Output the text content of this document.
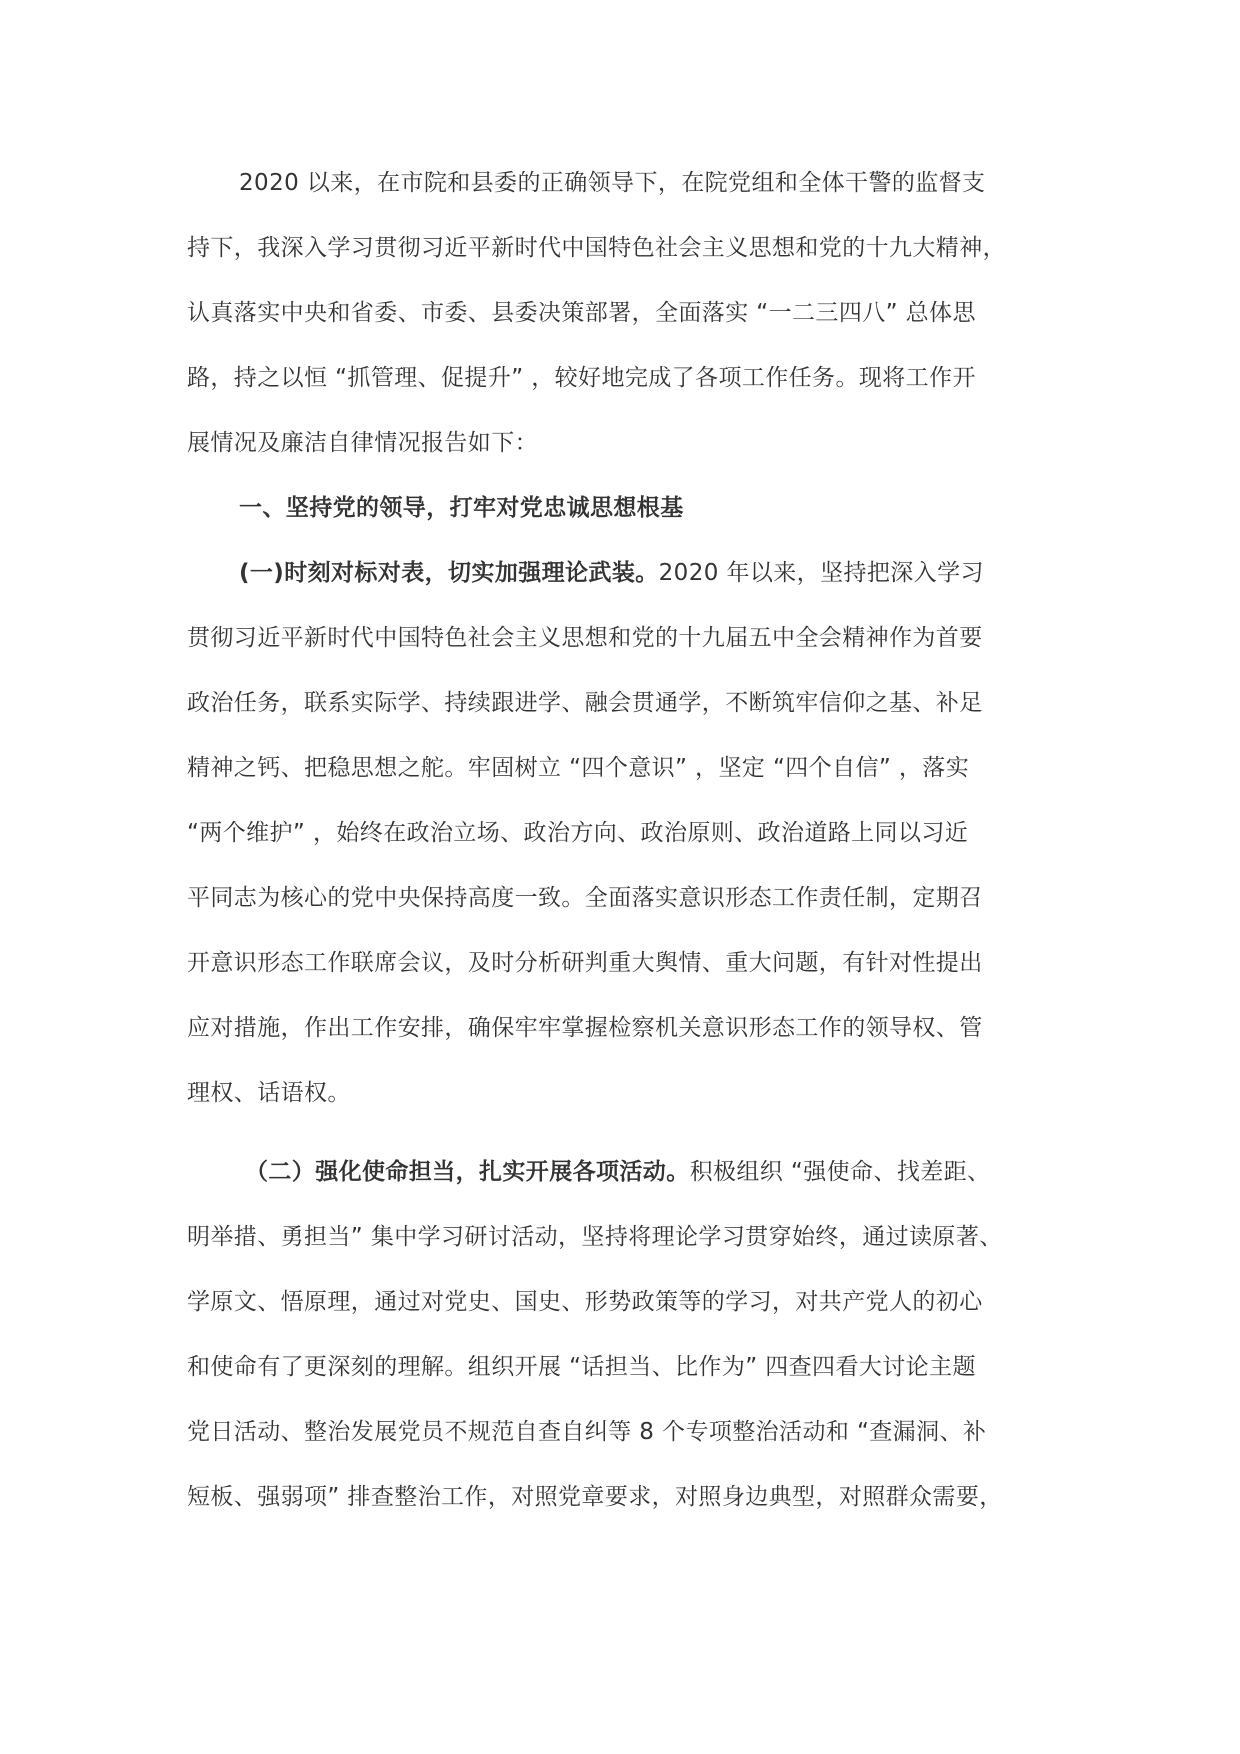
2020 以来，在市院和县委的正确领导下，在院党组和全体干警的监督支
持下，我深入学习贯彻习近平新时代中国特色社会主义思想和党的十九大精神，
认真落实中央和省委、市委、县委决策部署，全面落实 “一二三四八” 总体思
路，持之以恒 “抓管理、促提升” ，较好地完成了各项工作任务。现将工作开
展情况及廉洁自律情况报告如下：
一、坚持党的领导，打牢对党忠诚思想根基
(一)时刻对标对表，切实加强理论武装。2020 年以来，坚持把深入学习
贯彻习近平新时代中国特色社会主义思想和党的十九届五中全会精神作为首要
政治任务，联系实际学、持续跟进学、融会贯通学，不断筑牢信仰之基、补足
精神之钙、把稳思想之舵。牢固树立 “四个意识” ，坚定 “四个自信” ，落实
“两个维护” ，始终在政治立场、政治方向、政治原则、政治道路上同以习近
平同志为核心的党中央保持高度一致。全面落实意识形态工作责任制，定期召
开意识形态工作联席会议，及时分析研判重大舆情、重大问题，有针对性提出
应对措施，作出工作安排，确保牢牢掌握检察机关意识形态工作的领导权、管
理权、话语权。
（二）强化使命担当，扎实开展各项活动。积极组织 “强使命、找差距、
明举措、勇担当” 集中学习研讨活动，坚持将理论学习贯穿始终，通过读原著、
学原文、悟原理，通过对党史、国史、形势政策等的学习，对共产党人的初心
和使命有了更深刻的理解。组织开展 “话担当、比作为” 四查四看大讨论主题
党日活动、整治发展党员不规范自查自纠等 8 个专项整治活动和 “查漏洞、补
短板、强弱项” 排查整治工作，对照党章要求，对照身边典型，对照群众需要，
